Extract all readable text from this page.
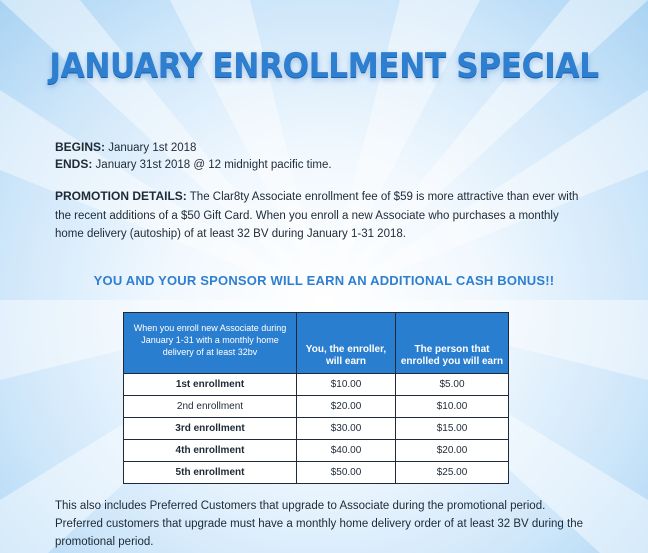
JANUARY ENROLLMENT SPECIAL
BEGINS: January 1st 2018
ENDS: January 31st 2018 @ 12 midnight pacific time.
PROMOTION DETAILS: The Clar8ty Associate enrollment fee of $59 is more attractive than ever with the recent additions of a $50 Gift Card. When you enroll a new Associate who purchases a monthly home delivery (autoship) of at least 32 BV during January 1-31 2018.
YOU AND YOUR SPONSOR WILL EARN AN ADDITIONAL CASH BONUS!!
When you enroll new Associate during January 1-31 with a monthly home delivery of at least 32bv	You, the enroller, will earn	The person that enrolled you will earn
1st enrollment	$10.00	$5.00
2nd enrollment	$20.00	$10.00
3rd enrollment	$30.00	$15.00
4th enrollment	$40.00	$20.00
5th enrollment	$50.00	$25.00
This also includes Preferred Customers that upgrade to Associate during the promotional period. Preferred customers that upgrade must have a monthly home delivery order of at least 32 BV during the promotional period.
